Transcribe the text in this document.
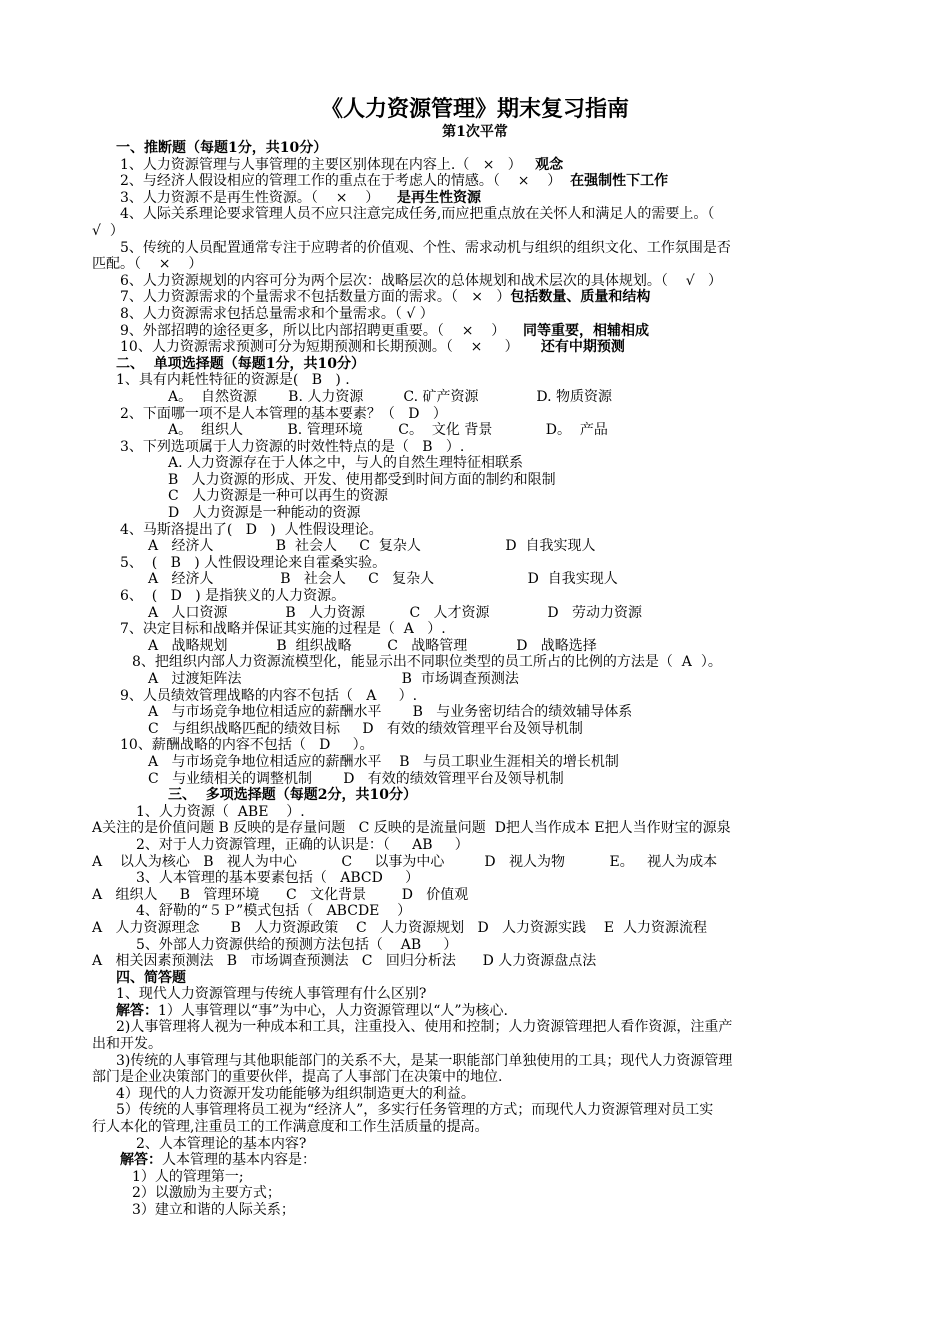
《人力资源管理》期末复习指南
第1次平常
一、推断题（每题1分，共10分）
1、人力资源管理与人事管理的主要区别体现在内容上.（   ×   ）   观念
2、与经济人假设相应的管理工作的重点在于考虑人的情感。（    ×    ）  在强制性下工作
3、人力资源不是再生性资源。（    ×    ）    是再生性资源
4、人际关系理论要求管理人员不应只注意完成任务,而应把重点放在关怀人和满足人的需要上。（
√  ）
5、传统的人员配置通常专注于应聘者的价值观、个性、需求动机与组织的组织文化、工作氛围是否
匹配。（    ×    ）
6、人力资源规划的内容可分为两个层次：战略层次的总体规划和战术层次的具体规划。（    √   ）
7、人力资源需求的个量需求不包括数量方面的需求。（   ×   ）包括数量、质量和结构
8、人力资源需求包括总量需求和个量需求。（ √ ）
9、外部招聘的途径更多，所以比内部招聘更重要。（    ×    ）    同等重要，相辅相成
10、人力资源需求预测可分为短期预测和长期预测。（    ×     ）     还有中期预测
二、  单项选择题（每题1分，共10分）
1、具有内耗性特征的资源是(   B   ) .
A。  自然资源       B. 人力资源         C. 矿产资源             D. 物质资源
2、下面哪一项不是人本管理的基本要素？（   D   ）
A。  组织人          B. 管理环境        C。  文化 背景            D。  产品
3、下列选项属于人力资源的时效性特点的是（   B   ）.
A. 人力资源存在于人体之中，与人的自然生理特征相联系
B   人力资源的形成、开发、使用都受到时间方面的制约和限制
C   人力资源是一种可以再生的资源
D   人力资源是一种能动的资源
4、马斯洛提出了(   D   )  人性假设理论。
A   经济人              B  社会人     C  复杂人                   D  自我实现人
5、  (   B   ) 人性假设理论来自霍桑实验。
A   经济人               B   社会人     C   复杂人                     D  自我实现人
6、  (   D   ) 是指狭义的人力资源。
A   人口资源             B   人力资源          C   人才资源             D   劳动力资源
7、决定目标和战略并保证其实施的过程是（  A   ）.
A   战略规划           B  组织战略        C   战略管理           D   战略选择
8、把组织内部人力资源流模型化，能显示出不同职位类型的员工所占的比例的方法是（  A  ）。
A   过渡矩阵法                                    B  市场调查预测法
9、人员绩效管理战略的内容不包括（   A     ）.
A   与市场竞争地位相适应的薪酬水平       B   与业务密切结合的绩效辅导体系
C   与组织战略匹配的绩效目标     D   有效的绩效管理平台及领导机制
10、薪酬战略的内容不包括（   D     ）。
A   与市场竞争地位相适应的薪酬水平    B   与员工职业生涯相关的增长机制
C   与业绩相关的调整机制       D   有效的绩效管理平台及领导机制
三、  多项选择题（每题2分，共10分）
1、人力资源（  ABE    ）.
A关注的是价值问题 B 反映的是存量问题   C 反映的是流量问题  D把人当作成本 E把人当作财宝的源泉
2、对于人力资源管理，正确的认识是：（     AB     ）
A    以人为核心   B   视人为中心          C     以事为中心         D   视人为物          E。   视人为成本
3、人本管理的基本要素包括（   ABCD     ）
A   组织人     B   管理环境      C   文化背景        D   价值观
4、舒勒的“５Ｐ”模式包括（   ABCDE    ）
A   人力资源理念       B   人力资源政策    C   人力资源规划   D   人力资源实践    E  人力资源流程
5、外部人力资源供给的预测方法包括（    AB     ）
A   相关因素预测法   B   市场调查预测法   C   回归分析法      D 人力资源盘点法
四、简答题
1、现代人力资源管理与传统人事管理有什么区别?
解答：1）人事管理以“事”为中心，人力资源管理以“人”为核心.
2)人事管理将人视为一种成本和工具，注重投入、使用和控制；人力资源管理把人看作资源，注重产
出和开发。
3)传统的人事管理与其他职能部门的关系不大，是某一职能部门单独使用的工具；现代人力资源管理
部门是企业决策部门的重要伙伴，提高了人事部门在决策中的地位.
4）现代的人力资源开发功能能够为组织制造更大的利益。
5）传统的人事管理将员工视为“经济人”，多实行任务管理的方式；而现代人力资源管理对员工实
行人本化的管理,注重员工的工作满意度和工作生活质量的提高。
2、人本管理论的基本内容?
解答：人本管理的基本内容是：
1）人的管理第一;
2）以激励为主要方式；
3）建立和谐的人际关系；
